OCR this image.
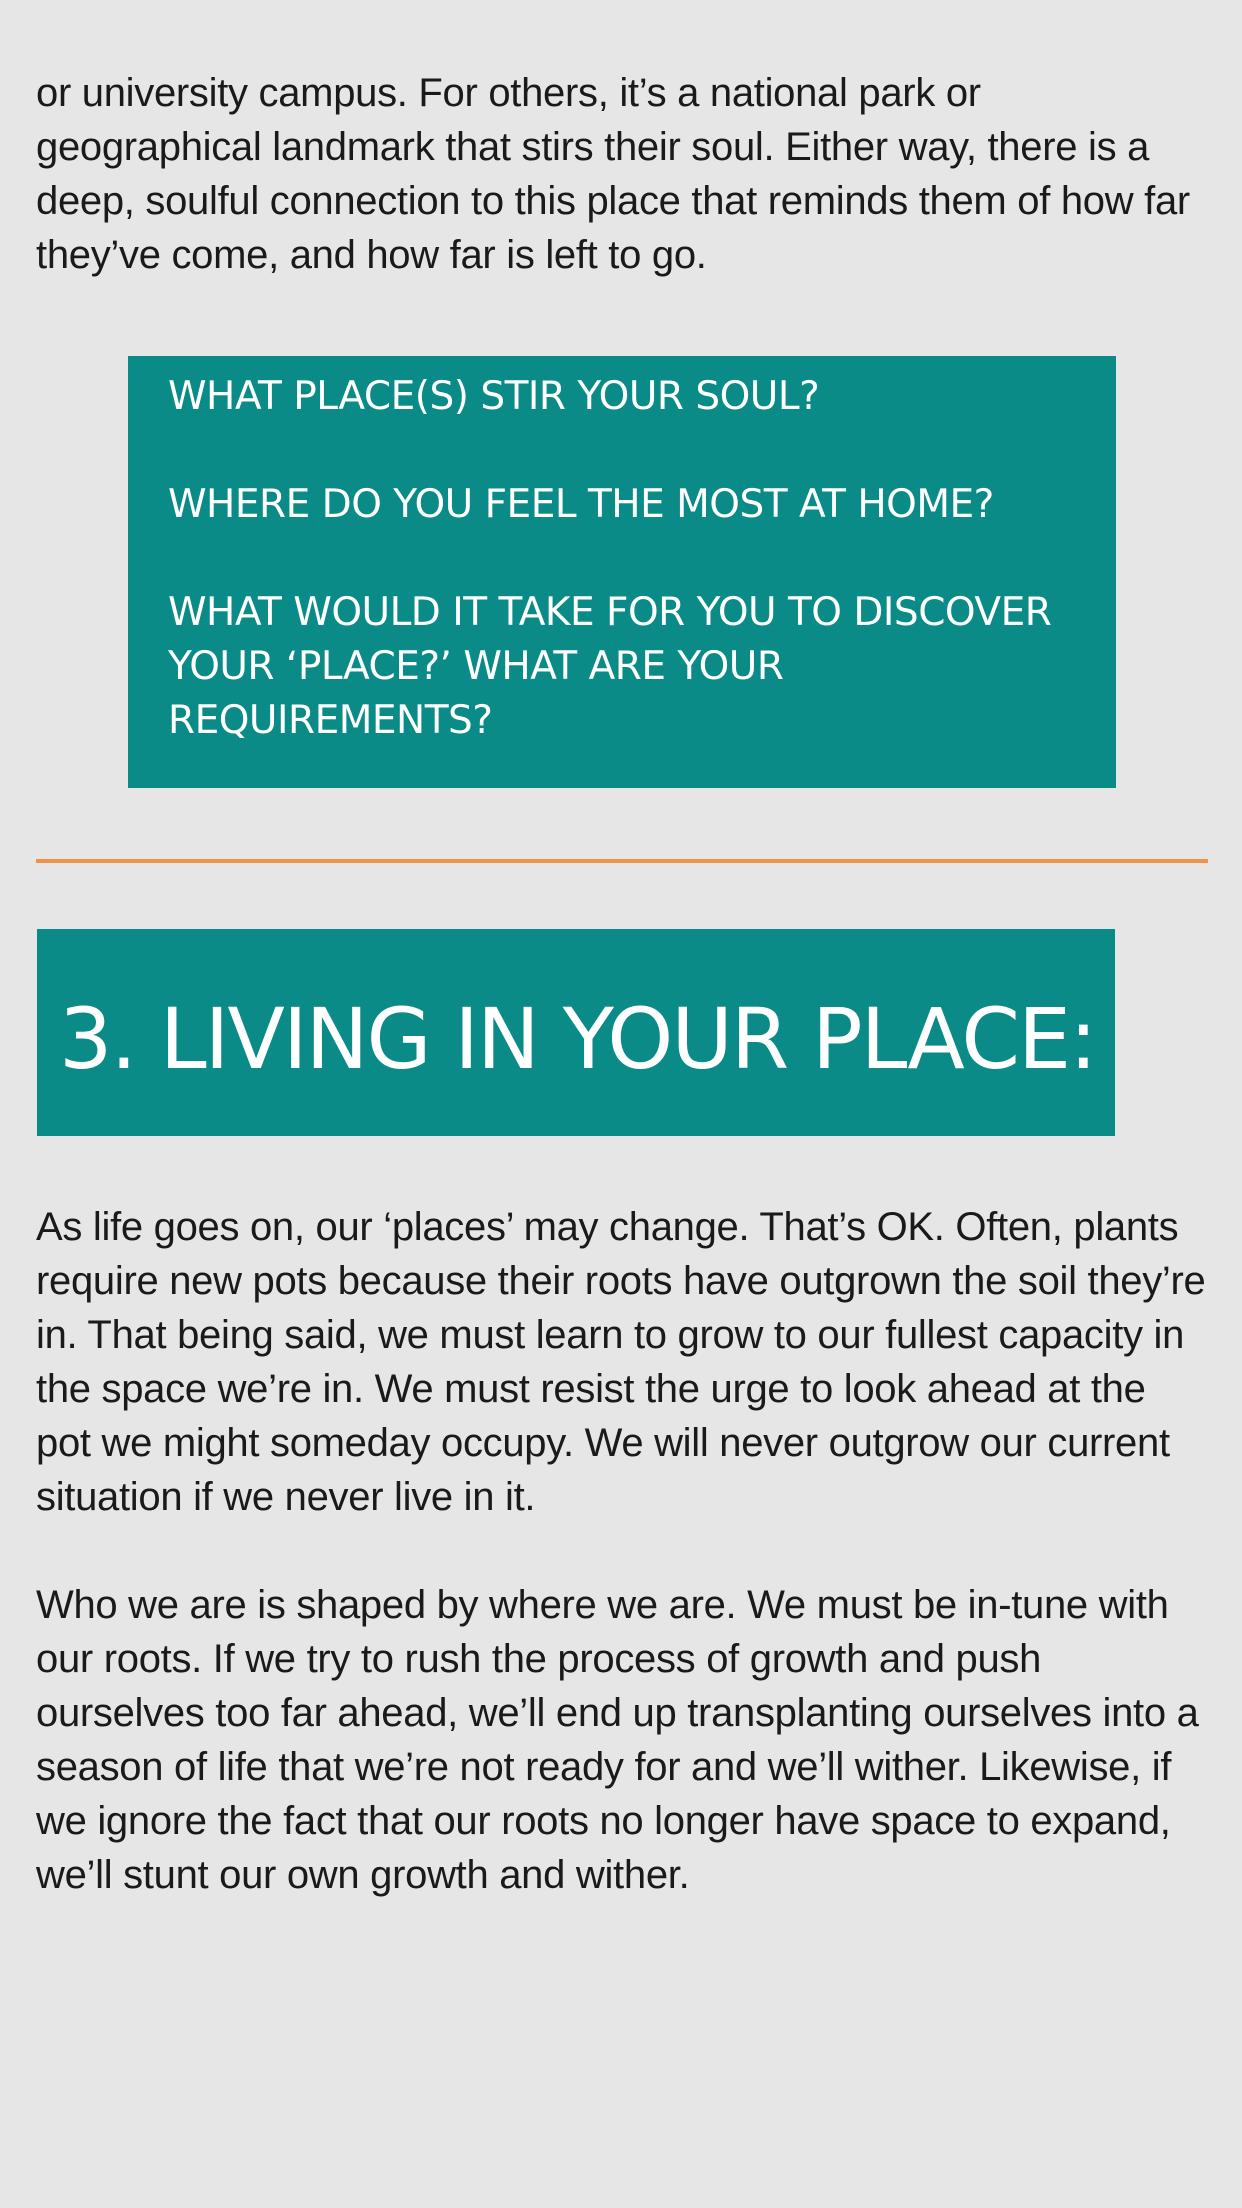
or university campus. For others, it’s a national park or geographical landmark that stirs their soul. Either way, there is a deep, soulful connection to this place that reminds them of how far they’ve come, and how far is left to go.

WHAT PLACE(S) STIR YOUR SOUL?

WHERE DO YOU FEEL THE MOST AT HOME?

WHAT WOULD IT TAKE FOR YOU TO DISCOVER YOUR ‘PLACE?’ WHAT ARE YOUR REQUIREMENTS?

3. LIVING IN YOUR PLACE:

As life goes on, our ‘places’ may change. That’s OK. Often, plants require new pots because their roots have outgrown the soil they’re in. That being said, we must learn to grow to our fullest capacity in the space we’re in. We must resist the urge to look ahead at the pot we might someday occupy. We will never outgrow our current situation if we never live in it.

Who we are is shaped by where we are. We must be in-tune with our roots. If we try to rush the process of growth and push ourselves too far ahead, we’ll end up transplanting ourselves into a season of life that we’re not ready for and we’ll wither. Likewise, if we ignore the fact that our roots no longer have space to expand, we’ll stunt our own growth and wither.
